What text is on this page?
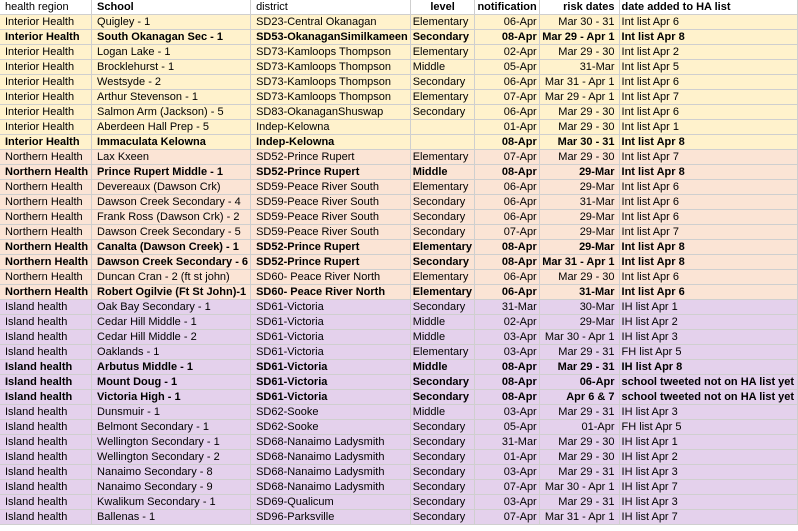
health region	School	district	level	notification	risk dates	date added to HA list
Interior Health	Quigley - 1	SD23-Central Okanagan	Elementary	06-Apr	Mar 30 - 31	Int list Apr 6
Interior Health	South Okanagan Sec - 1	SD53-OkanaganSimilkameen	Secondary	08-Apr	Mar 29 - Apr 1	Int list Apr 8
Interior Health	Logan Lake - 1	SD73-Kamloops Thompson	Elementary	02-Apr	Mar 29 - 30	Int list Apr 2
Interior Health	Brocklehurst - 1	SD73-Kamloops Thompson	Middle	05-Apr	31-Mar	Int list Apr 5
Interior Health	Westsyde - 2	SD73-Kamloops Thompson	Secondary	06-Apr	Mar 31 - Apr 1	Int list Apr 6
Interior Health	Arthur Stevenson - 1	SD73-Kamloops Thompson	Elementary	07-Apr	Mar 29 - Apr 1	Int list Apr 7
Interior Health	Salmon Arm (Jackson) - 5	SD83-OkanaganShuswap	Secondary	06-Apr	Mar 29 - 30	Int list Apr 6
Interior Health	Aberdeen Hall Prep - 5	Indep-Kelowna		01-Apr	Mar 29 - 30	Int list Apr 1
Interior Health	Immaculata Kelowna	Indep-Kelowna		08-Apr	Mar 30 - 31	Int list Apr 8
Northern Health	Lax Kxeen	SD52-Prince Rupert	Elementary	07-Apr	Mar 29 - 30	Int list Apr 7
Northern Health	Prince Rupert Middle - 1	SD52-Prince Rupert	Middle	08-Apr	29-Mar	Int list Apr 8
Northern Health	Devereaux (Dawson Crk)	SD59-Peace River South	Elementary	06-Apr	29-Mar	Int list Apr 6
Northern Health	Dawson Creek Secondary - 4	SD59-Peace River South	Secondary	06-Apr	31-Mar	Int list Apr 6
Northern Health	Frank Ross (Dawson Crk) - 2	SD59-Peace River South	Secondary	06-Apr	29-Mar	Int list Apr 6
Northern Health	Dawson Creek Secondary - 5	SD59-Peace River South	Secondary	07-Apr	29-Mar	Int list Apr 7
Northern Health	Canalta (Dawson Creek) - 1	SD52-Prince Rupert	Elementary	08-Apr	29-Mar	Int list Apr 8
Northern Health	Dawson Creek Secondary - 6	SD52-Prince Rupert	Secondary	08-Apr	Mar 31 - Apr 1	Int list Apr 8
Northern Health	Duncan Cran - 2 (ft st john)	SD60- Peace River North	Elementary	06-Apr	Mar 29 - 30	Int list Apr 6
Northern Health	Robert Ogilvie (Ft St John)-1	SD60- Peace River North	Elementary	06-Apr	31-Mar	Int list Apr 6
Island health	Oak Bay Secondary - 1	SD61-Victoria	Secondary	31-Mar	30-Mar	IH list Apr 1
Island health	Cedar Hill Middle - 1	SD61-Victoria	Middle	02-Apr	29-Mar	IH list Apr 2
Island health	Cedar Hill Middle - 2	SD61-Victoria	Middle	03-Apr	Mar 30 - Apr 1	IH list Apr 3
Island health	Oaklands - 1	SD61-Victoria	Elementary	03-Apr	Mar 29 - 31	FH list Apr 5
Island health	Arbutus Middle - 1	SD61-Victoria	Middle	08-Apr	Mar 29 - 31	IH list Apr 8
Island health	Mount Doug - 1	SD61-Victoria	Secondary	08-Apr	06-Apr	school tweeted not on HA list yet
Island health	Victoria High - 1	SD61-Victoria	Secondary	08-Apr	Apr 6 & 7	school tweeted not on HA list yet
Island health	Dunsmuir - 1	SD62-Sooke	Middle	03-Apr	Mar 29 - 31	IH list Apr 3
Island health	Belmont Secondary - 1	SD62-Sooke	Secondary	05-Apr	01-Apr	FH list Apr 5
Island health	Wellington Secondary - 1	SD68-Nanaimo Ladysmith	Secondary	31-Mar	Mar 29 - 30	IH list Apr 1
Island health	Wellington Secondary - 2	SD68-Nanaimo Ladysmith	Secondary	01-Apr	Mar 29 - 30	IH list Apr 2
Island health	Nanaimo Secondary - 8	SD68-Nanaimo Ladysmith	Secondary	03-Apr	Mar 29 - 31	IH list Apr 3
Island health	Nanaimo Secondary - 9	SD68-Nanaimo Ladysmith	Secondary	07-Apr	Mar 30 - Apr 1	IH list Apr 7
Island health	Kwalikum Secondary - 1	SD69-Qualicum	Secondary	03-Apr	Mar 29 - 31	IH list Apr 3
Island health	Ballenas - 1	SD96-Parksville	Secondary	07-Apr	Mar 31 - Apr 1	IH list Apr 7
